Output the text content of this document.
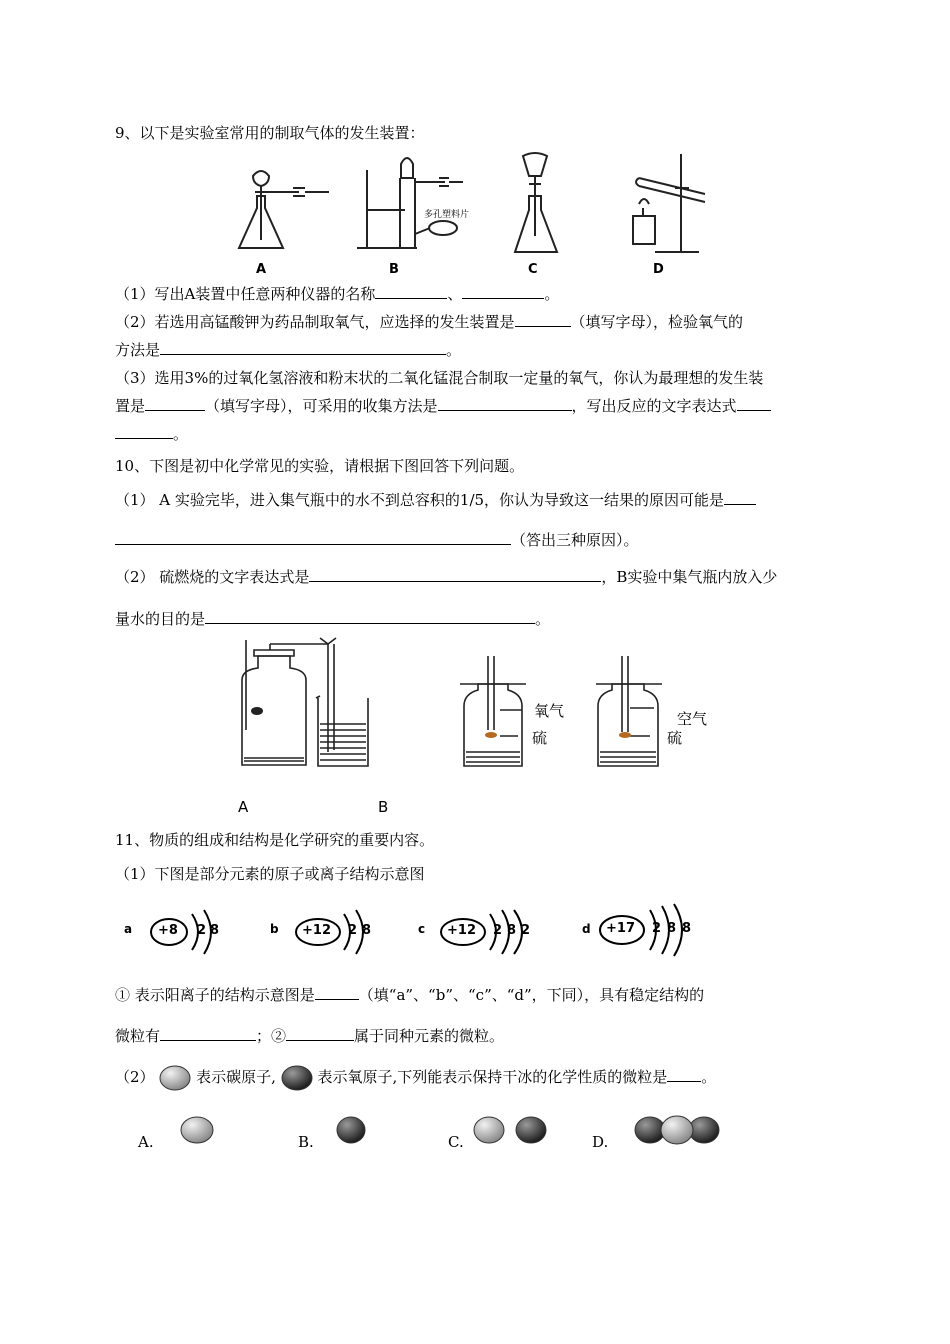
9、以下是实验室常用的制取气体的发生装置：
A	B	C	D
多孔塑料片
（1）写出A装置中任意两种仪器的名称	、	。
（2）若选用高锰酸钾为药品制取氧气，应选择的发生装置是	（填写字母），检验氧气的
方法是	。
（3）选用3%的过氧化氢溶液和粉末状的二氧化锰混合制取一定量的氧气，你认为最理想的发生装
置是	（填写字母），可采用的收集方法是	，写出反应的文字表达式
。
10、下图是初中化学常见的实验，请根据下图回答下列问题。
（1） A 实验完毕，进入集气瓶中的水不到总容积的1/5，你认为导致这一结果的原因可能是
（答出三种原因）。
（2） 硫燃烧的文字表达式是	，B实验中集气瓶内放入少
量水的目的是	。
氧气
硫
空气
硫
A	B
11、物质的组成和结构是化学研究的重要内容。
（1）下图是部分元素的原子或离子结构示意图
a +8 2 8	b +12 2 8	c +12 2 8 2	d +17 2 8 8
① 表示阳离子的结构示意图是	（填“a”、“b”、“c”、“d”，下同），具有稳定结构的
微粒有	；②	属于同种元素的微粒。
（2）	表示碳原子,	表示氧原子,下列能表示保持干冰的化学性质的微粒是 。
A.	B.	C.	D.
